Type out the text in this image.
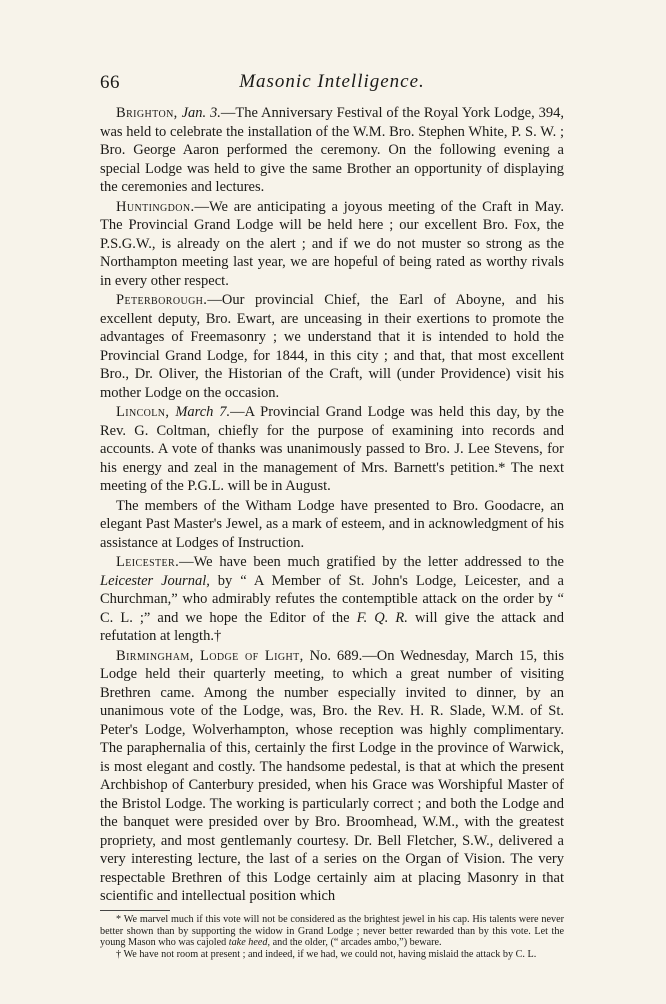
66	Masonic Intelligence.

Brighton, Jan. 3.—The Anniversary Festival of the Royal York Lodge, 394, was held to celebrate the installation of the W.M. Bro. Stephen White, P. S. W. ; Bro. George Aaron performed the ceremony. On the following evening a special Lodge was held to give the same Brother an opportunity of displaying the ceremonies and lectures.

Huntingdon.—We are anticipating a joyous meeting of the Craft in May. The Provincial Grand Lodge will be held here ; our excellent Bro. Fox, the P.S.G.W., is already on the alert ; and if we do not muster so strong as the Northampton meeting last year, we are hopeful of being rated as worthy rivals in every other respect.

Peterborough.—Our provincial Chief, the Earl of Aboyne, and his excellent deputy, Bro. Ewart, are unceasing in their exertions to promote the advantages of Freemasonry ; we understand that it is intended to hold the Provincial Grand Lodge, for 1844, in this city ; and that, that most excellent Bro., Dr. Oliver, the Historian of the Craft, will (under Providence) visit his mother Lodge on the occasion.

Lincoln, March 7.—A Provincial Grand Lodge was held this day, by the Rev. G. Coltman, chiefly for the purpose of examining into records and accounts. A vote of thanks was unanimously passed to Bro. J. Lee Stevens, for his energy and zeal in the management of Mrs. Barnett's petition.* The next meeting of the P.G.L. will be in August.

The members of the Witham Lodge have presented to Bro. Goodacre, an elegant Past Master's Jewel, as a mark of esteem, and in acknowledgment of his assistance at Lodges of Instruction.

Leicester.—We have been much gratified by the letter addressed to the Leicester Journal, by “ A Member of St. John's Lodge, Leicester, and a Churchman,” who admirably refutes the contemptible attack on the order by “ C. L. ;” and we hope the Editor of the F. Q. R. will give the attack and refutation at length.†

Birmingham, Lodge of Light, No. 689.—On Wednesday, March 15, this Lodge held their quarterly meeting, to which a great number of visiting Brethren came. Among the number especially invited to dinner, by an unanimous vote of the Lodge, was, Bro. the Rev. H. R. Slade, W.M. of St. Peter's Lodge, Wolverhampton, whose reception was highly complimentary. The paraphernalia of this, certainly the first Lodge in the province of Warwick, is most elegant and costly. The handsome pedestal, is that at which the present Archbishop of Canterbury presided, when his Grace was Worshipful Master of the Bristol Lodge. The working is particularly correct ; and both the Lodge and the banquet were presided over by Bro. Broomhead, W.M., with the greatest propriety, and most gentlemanly courtesy. Dr. Bell Fletcher, S.W., delivered a very interesting lecture, the last of a series on the Organ of Vision. The very respectable Brethren of this Lodge certainly aim at placing Masonry in that scientific and intellectual position which

* We marvel much if this vote will not be considered as the brightest jewel in his cap. His talents were never better shown than by supporting the widow in Grand Lodge ; never better rewarded than by this vote. Let the young Mason who was cajoled take heed, and the older, (“ arcades ambo,”) beware.

† We have not room at present ; and indeed, if we had, we could not, having mislaid the attack by C. L.
